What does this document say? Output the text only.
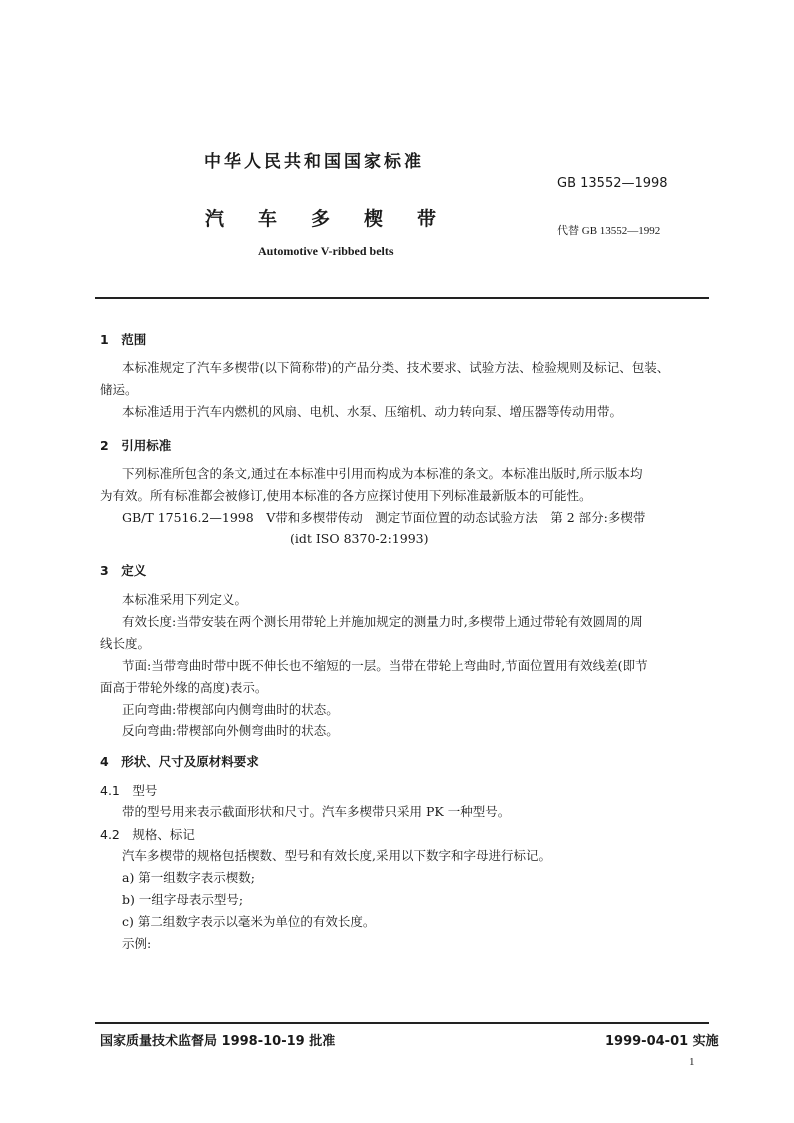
中华人民共和国国家标准
GB 13552—1998
汽车多楔带
代替 GB 13552—1992
Automotive V-ribbed belts
1　范围
本标准规定了汽车多楔带(以下简称带)的产品分类、技术要求、试验方法、检验规则及标记、包装、
储运。
本标准适用于汽车内燃机的风扇、电机、水泵、压缩机、动力转向泵、增压器等传动用带。
2　引用标准
下列标准所包含的条文,通过在本标准中引用而构成为本标准的条文。本标准出版时,所示版本均
为有效。所有标准都会被修订,使用本标准的各方应探讨使用下列标准最新版本的可能性。
GB/T 17516.2—1998　V带和多楔带传动　测定节面位置的动态试验方法　第 2 部分:多楔带
(idt ISO 8370-2:1993)
3　定义
本标准采用下列定义。
有效长度:当带安装在两个测长用带轮上并施加规定的测量力时,多楔带上通过带轮有效圆周的周
线长度。
节面:当带弯曲时带中既不伸长也不缩短的一层。当带在带轮上弯曲时,节面位置用有效线差(即节
面高于带轮外缘的高度)表示。
正向弯曲:带楔部向内侧弯曲时的状态。
反向弯曲:带楔部向外侧弯曲时的状态。
4　形状、尺寸及原材料要求
4.1　型号
带的型号用来表示截面形状和尺寸。汽车多楔带只采用 PK 一种型号。
4.2　规格、标记
汽车多楔带的规格包括楔数、型号和有效长度,采用以下数字和字母进行标记。
a) 第一组数字表示楔数;
b) 一组字母表示型号;
c) 第二组数字表示以毫米为单位的有效长度。
示例:
国家质量技术监督局 1998-10-19 批准	1999-04-01 实施
1
